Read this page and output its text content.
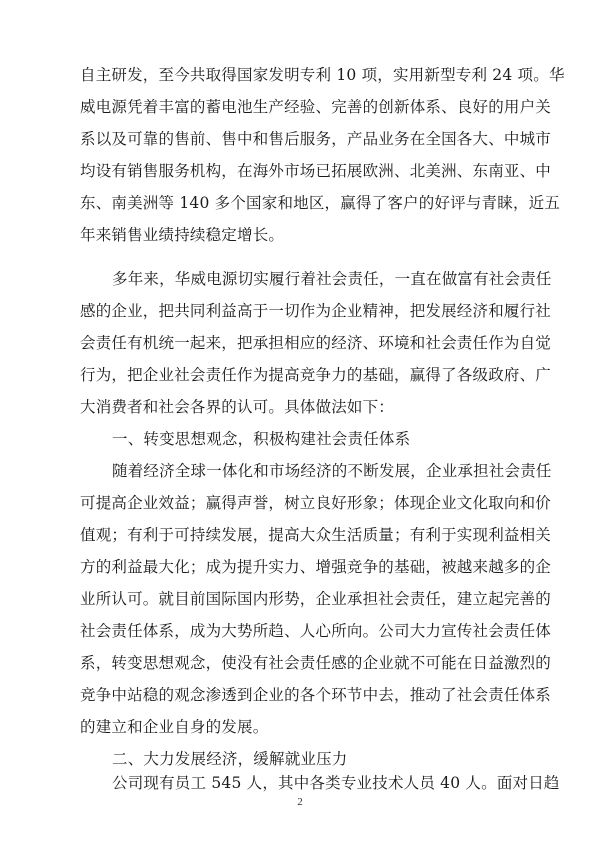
自主研发，至今共取得国家发明专利 10 项，实用新型专利 24 项。华
威电源凭着丰富的蓄电池生产经验、完善的创新体系、良好的用户关
系以及可靠的售前、售中和售后服务，产品业务在全国各大、中城市
均设有销售服务机构，在海外市场已拓展欧洲、北美洲、东南亚、中
东、南美洲等 140 多个国家和地区，赢得了客户的好评与青睐，近五
年来销售业绩持续稳定增长。
多年来，华威电源切实履行着社会责任，一直在做富有社会责任
感的企业，把共同利益高于一切作为企业精神，把发展经济和履行社
会责任有机统一起来，把承担相应的经济、环境和社会责任作为自觉
行为，把企业社会责任作为提高竞争力的基础，赢得了各级政府、广
大消费者和社会各界的认可。具体做法如下：
一、转变思想观念，积极构建社会责任体系
随着经济全球一体化和市场经济的不断发展，企业承担社会责任
可提高企业效益；赢得声誉，树立良好形象；体现企业文化取向和价
值观；有利于可持续发展，提高大众生活质量；有利于实现利益相关
方的利益最大化；成为提升实力、增强竞争的基础，被越来越多的企
业所认可。就目前国际国内形势，企业承担社会责任，建立起完善的
社会责任体系，成为大势所趋、人心所向。公司大力宣传社会责任体
系，转变思想观念，使没有社会责任感的企业就不可能在日益激烈的
竞争中站稳的观念渗透到企业的各个环节中去，推动了社会责任体系
的建立和企业自身的发展。
二、大力发展经济，缓解就业压力
公司现有员工 545 人，其中各类专业技术人员 40 人。面对日趋
2
